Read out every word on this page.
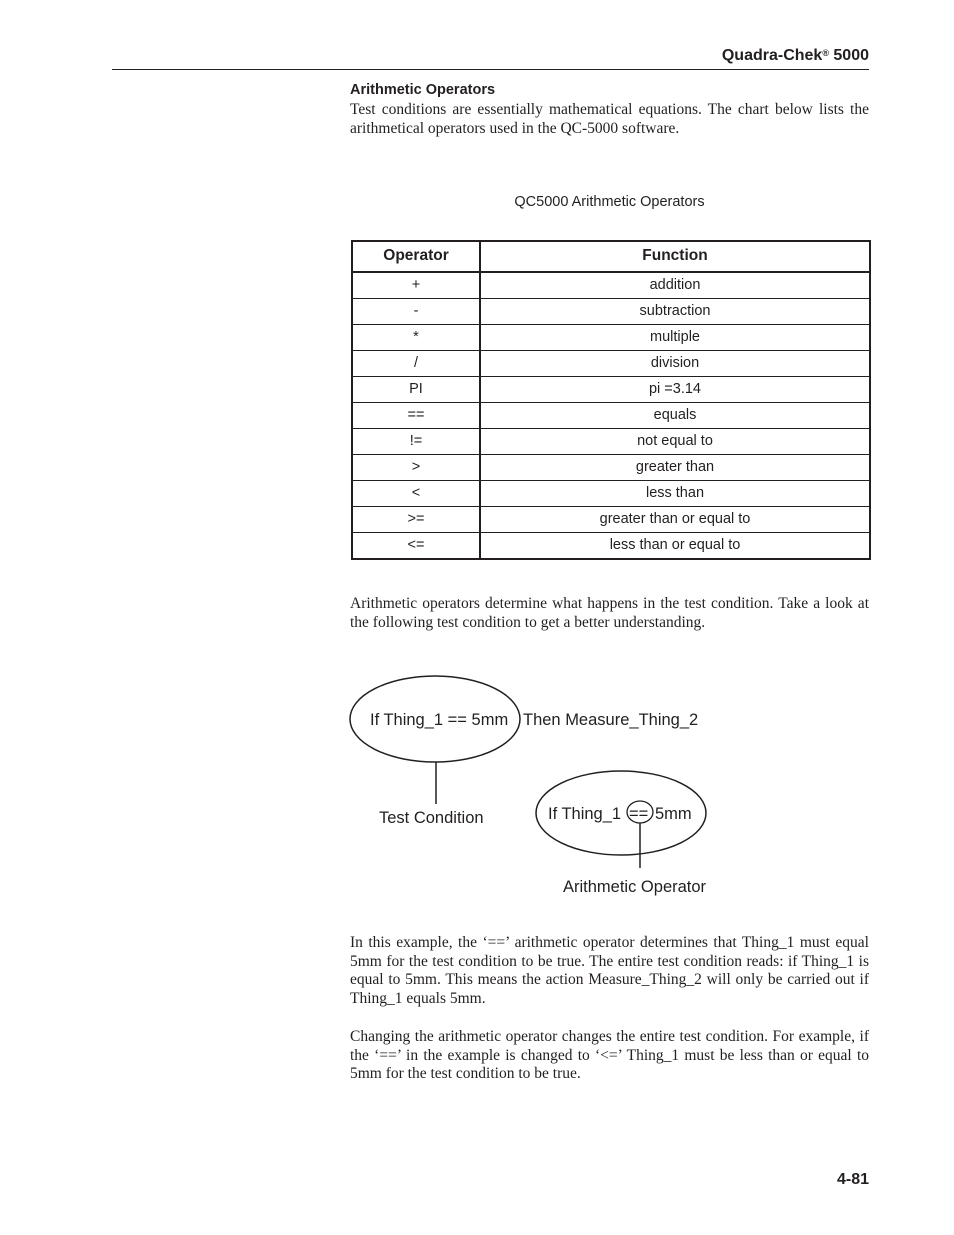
Quadra-Chek® 5000
Arithmetic Operators

Test conditions are essentially mathematical equations. The chart below lists the arithmetical operators used in the QC-5000 software.

QC5000 Arithmetic Operators
Operator	Function
+	addition
-	subtraction
*	multiple
/	division
PI	pi =3.14
==	equals
!=	not equal to
>	greater than
<	less than
>=	greater than or equal to
<=	less than or equal to

Arithmetic operators determine what happens in the test condition. Take a look at the following test condition to get a better understanding.

If Thing_1 == 5mm Then Measure_Thing_2
Test Condition	If Thing_1 == 5mm
Arithmetic Operator

In this example, the ‘==’ arithmetic operator determines that Thing_1 must equal 5mm for the test condition to be true. The entire test condition reads: if Thing_1 is equal to 5mm. This means the action Measure_Thing_2 will only be carried out if Thing_1 equals 5mm.

Changing the arithmetic operator changes the entire test condition. For example, if the ‘==’ in the example is changed to ‘<=’ Thing_1 must be less than or equal to 5mm for the test condition to be true.

4-81
